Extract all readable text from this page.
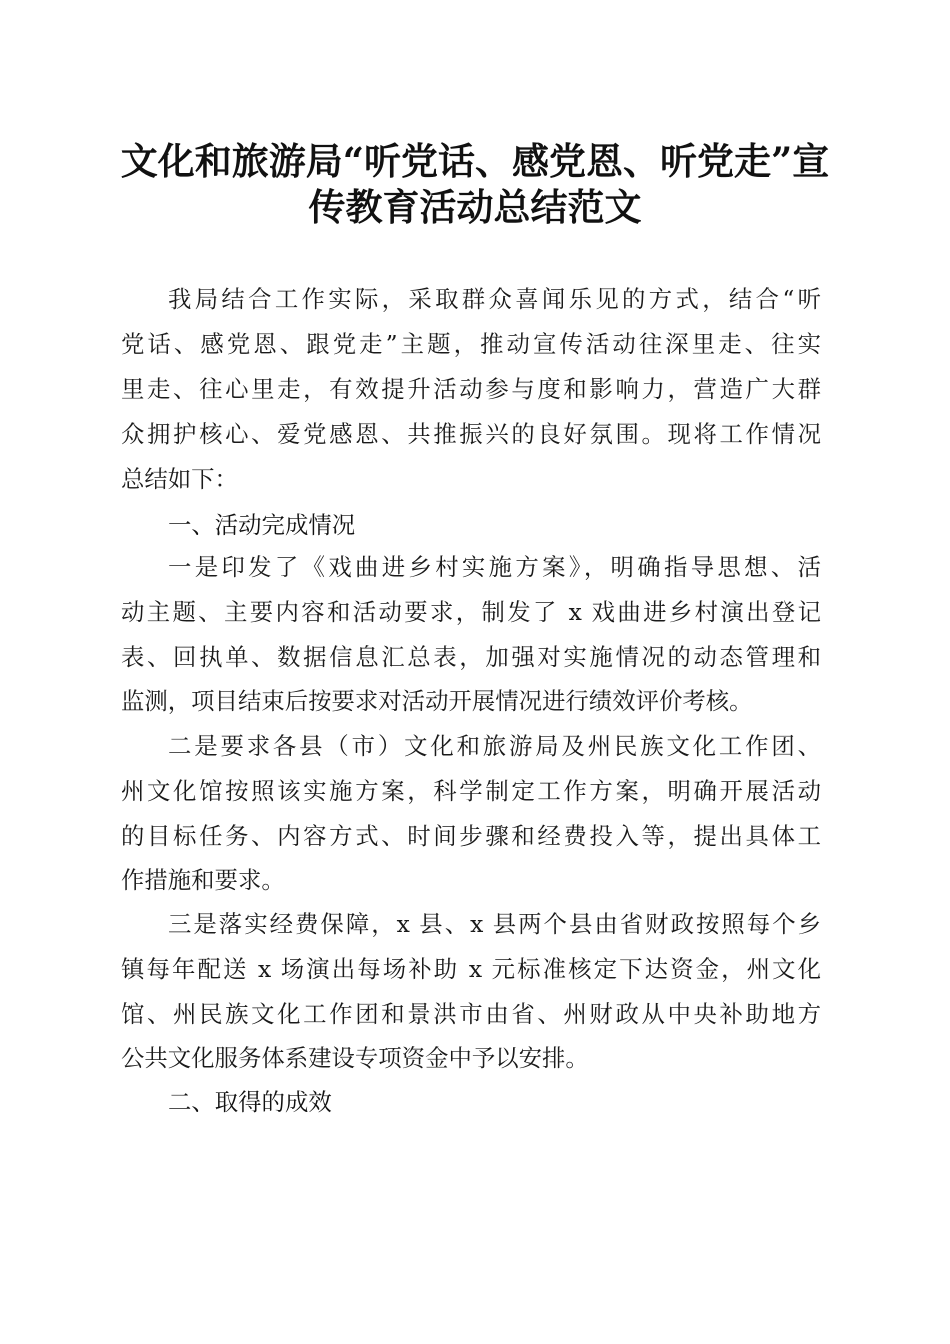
文化和旅游局“听党话、感党恩、听党走”宣
传教育活动总结范文
我局结合工作实际，采取群众喜闻乐见的方式，结合“听
党话、感党恩、跟党走”主题，推动宣传活动往深里走、往实
里走、往心里走，有效提升活动参与度和影响力，营造广大群
众拥护核心、爱党感恩、共推振兴的良好氛围。现将工作情况
总结如下：
一、活动完成情况
一是印发了《戏曲进乡村实施方案》，明确指导思想、活
动主题、主要内容和活动要求，制发了 x 戏曲进乡村演出登记
表、回执单、数据信息汇总表，加强对实施情况的动态管理和
监测，项目结束后按要求对活动开展情况进行绩效评价考核。
二是要求各县（市）文化和旅游局及州民族文化工作团、
州文化馆按照该实施方案，科学制定工作方案，明确开展活动
的目标任务、内容方式、时间步骤和经费投入等，提出具体工
作措施和要求。
三是落实经费保障，x 县、x 县两个县由省财政按照每个乡
镇每年配送 x 场演出每场补助 x 元标准核定下达资金，州文化
馆、州民族文化工作团和景洪市由省、州财政从中央补助地方
公共文化服务体系建设专项资金中予以安排。
二、取得的成效
